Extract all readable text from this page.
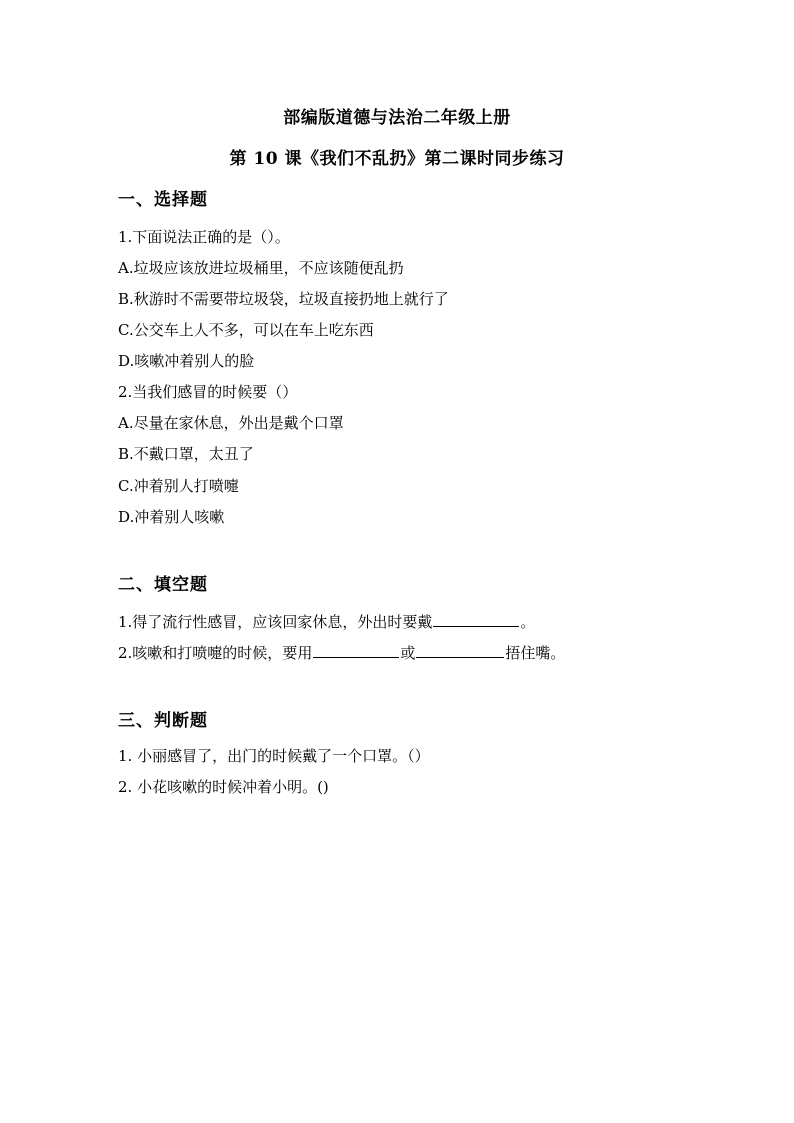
部编版道德与法治二年级上册
第 10 课《我们不乱扔》第二课时同步练习
一、选择题
1.下面说法正确的是（）。
A.垃圾应该放进垃圾桶里，不应该随便乱扔
B.秋游时不需要带垃圾袋，垃圾直接扔地上就行了
C.公交车上人不多，可以在车上吃东西
D.咳嗽冲着别人的脸
2.当我们感冒的时候要（）
A.尽量在家休息，外出是戴个口罩
B.不戴口罩，太丑了
C.冲着别人打喷嚏
D.冲着别人咳嗽
二、填空题
1.得了流行性感冒，应该回家休息，外出时要戴	。
2.咳嗽和打喷嚏的时候，要用	或	捂住嘴。
三、判断题
1. 小丽感冒了，出门的时候戴了一个口罩。（）
2. 小花咳嗽的时候冲着小明。()
